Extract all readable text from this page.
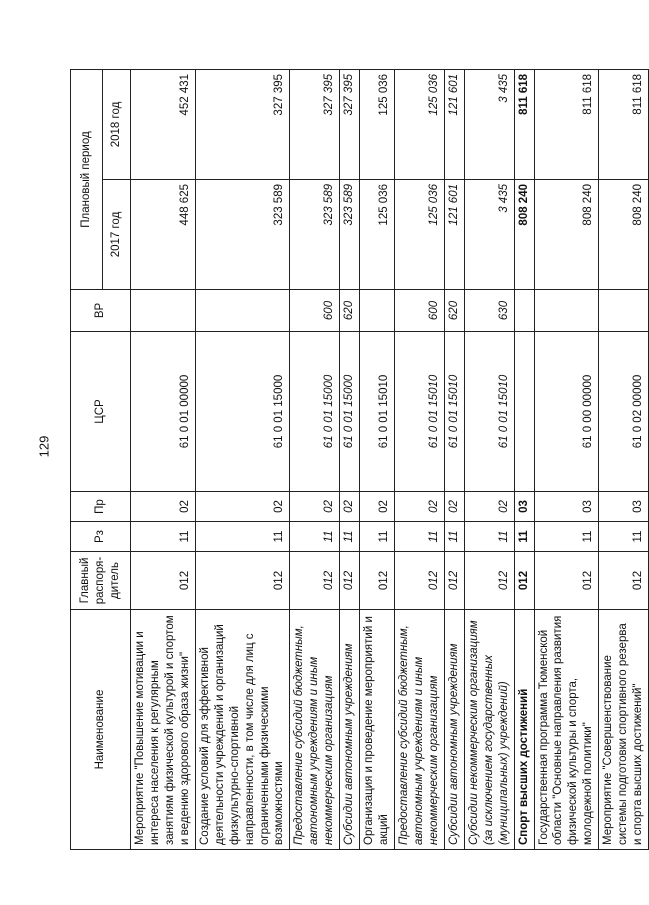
129
Наименование	Главный распоря-дитель	Рз	Пр	ЦСР	ВР	Плановый период	
						2017 год	2018 год
Мероприятие "Повышение мотивации и интереса населения к регулярным занятиям физической культурой и спортом и ведению здорового образа жизни"	012	11	02	61 0 01 00000		448 625	452 431
Создание условий для эффективной деятельности учреждений и организаций физкультурно-спортивной направленности, в том числе для лиц с ограниченными физическими возможностями	012	11	02	61 0 01 15000		323 589	327 395
Предоставление субсидий бюджетным, автономным учреждениям и иным некоммерческим организациям	012	11	02	61 0 01 15000	600	323 589	327 395
Субсидии автономным учреждениям	012	11	02	61 0 01 15000	620	323 589	327 395
Организация и проведение мероприятий и акций	012	11	02	61 0 01 15010		125 036	125 036
Предоставление субсидий бюджетным, автономным учреждениям и иным некоммерческим организациям	012	11	02	61 0 01 15010	600	125 036	125 036
Субсидии автономным учреждениям	012	11	02	61 0 01 15010	620	121 601	121 601
Субсидии некоммерческим организациям (за исключением государственных (муниципальных) учреждений)	012	11	02	61 0 01 15010	630	3 435	3 435
Спорт высших достижений	012	11	03			808 240	811 618
Государственная программа Тюменской области "Основные направления развития физической культуры и спорта, молодежной политики"	012	11	03	61 0 00 00000		808 240	811 618
Мероприятие "Совершенствование системы подготовки спортивного резерва и спорта высших достижений"	012	11	03	61 0 02 00000		808 240	811 618
